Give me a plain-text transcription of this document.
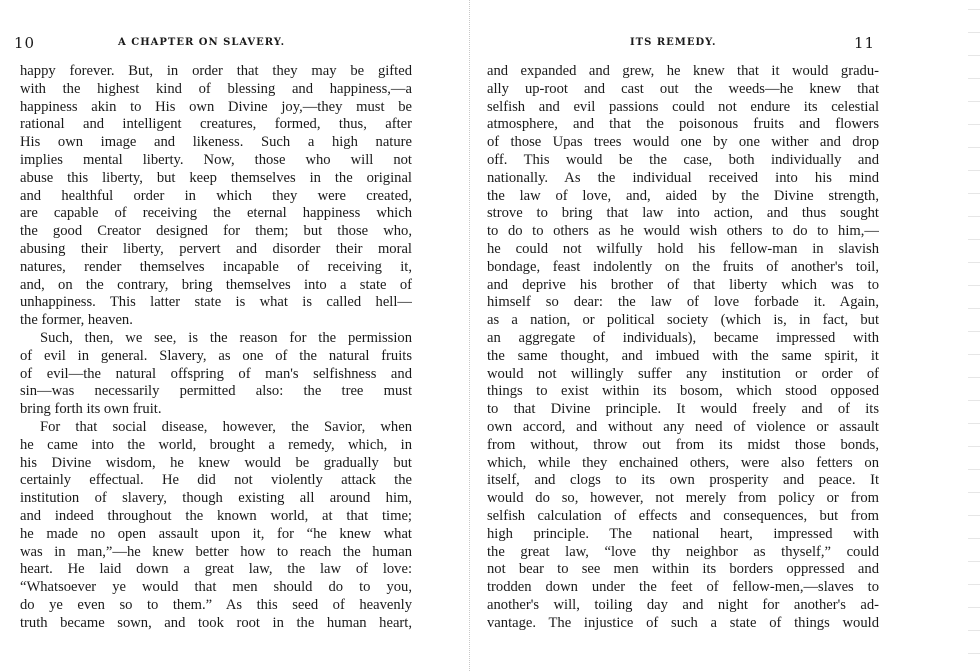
10	A CHAPTER ON SLAVERY.
happy forever. But, in order that they may be gifted
with the highest kind of blessing and happiness,—a
happiness akin to His own Divine joy,—they must be
rational and intelligent creatures, formed, thus, after
His own image and likeness. Such a high nature
implies mental liberty. Now, those who will not
abuse this liberty, but keep themselves in the original
and healthful order in which they were created,
are capable of receiving the eternal happiness which
the good Creator designed for them; but those who,
abusing their liberty, pervert and disorder their moral
natures, render themselves incapable of receiving it,
and, on the contrary, bring themselves into a state of
unhappiness. This latter state is what is called hell—
the former, heaven.
Such, then, we see, is the reason for the permission
of evil in general. Slavery, as one of the natural fruits
of evil—the natural offspring of man's selfishness and
sin—was necessarily permitted also: the tree must
bring forth its own fruit.
For that social disease, however, the Savior, when
he came into the world, brought a remedy, which, in
his Divine wisdom, he knew would be gradually but
certainly effectual. He did not violently attack the
institution of slavery, though existing all around him,
and indeed throughout the known world, at that time;
he made no open assault upon it, for “he knew what
was in man,”—he knew better how to reach the human
heart. He laid down a great law, the law of love:
“Whatsoever ye would that men should do to you,
do ye even so to them.” As this seed of heavenly
truth became sown, and took root in the human heart,
ITS REMEDY.	11
and expanded and grew, he knew that it would gradu-
ally up-root and cast out the weeds—he knew that
selfish and evil passions could not endure its celestial
atmosphere, and that the poisonous fruits and flowers
of those Upas trees would one by one wither and drop
off. This would be the case, both individually and
nationally. As the individual received into his mind
the law of love, and, aided by the Divine strength,
strove to bring that law into action, and thus sought
to do to others as he would wish others to do to him,—
he could not wilfully hold his fellow-man in slavish
bondage, feast indolently on the fruits of another's toil,
and deprive his brother of that liberty which was to
himself so dear: the law of love forbade it. Again,
as a nation, or political society (which is, in fact, but
an aggregate of individuals), became impressed with
the same thought, and imbued with the same spirit, it
would not willingly suffer any institution or order of
things to exist within its bosom, which stood opposed
to that Divine principle. It would freely and of its
own accord, and without any need of violence or assault
from without, throw out from its midst those bonds,
which, while they enchained others, were also fetters on
itself, and clogs to its own prosperity and peace. It
would do so, however, not merely from policy or from
selfish calculation of effects and consequences, but from
high principle. The national heart, impressed with
the great law, “love thy neighbor as thyself,” could
not bear to see men within its borders oppressed and
trodden down under the feet of fellow-men,—slaves to
another's will, toiling day and night for another's ad-
vantage. The injustice of such a state of things would
